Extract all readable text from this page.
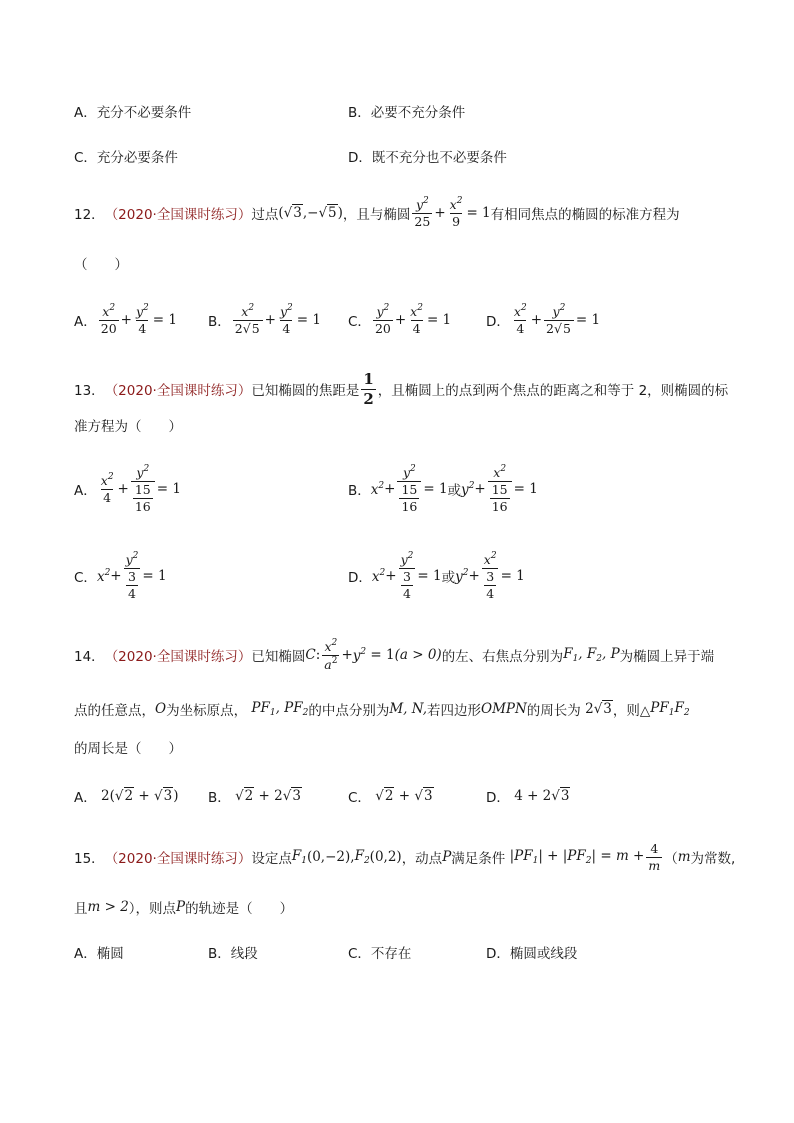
A．充分不必要条件	B．必要不充分条件
C．充分必要条件	D．既不充分也不必要条件
12． （2020·全国课时练习） 过点 (√3,−√5) ，且与椭圆 $\frac{y^2}{25} + \frac{x^2}{9} = 1$ 有相同焦点的椭圆的标准方程为
（　　）
A． $\frac{x^2}{20} + \frac{y^2}{4} = 1$ B． $\frac{x^2}{2√5} + \frac{y^2}{4} = 1$ C． $\frac{y^2}{20} + \frac{x^2}{4} = 1$	D． $\frac{x^2}{4} + \frac{y^2}{2√5} = 1$
13． （2020·全国课时练习） 已知椭圆的焦距是 $\frac{1}{2}$ ，且椭圆上的点到两个焦点的距离之和等于 2，则椭圆的标
准方程为（　　）
A． $\frac{x^2}{4} + \frac{y^2}{\frac{15}{16}} = 1$	B． $x^2 + \frac{y^2}{\frac{15}{16}} = 1$ 或 $y^2 + \frac{x^2}{\frac{15}{16}} = 1$
C． $x^2 + \frac{y^2}{\frac{3}{4}} = 1$	D． $x^2 + \frac{y^2}{\frac{3}{4}} = 1$ 或 $y^2 + \frac{x^2}{\frac{3}{4}} = 1$
14． （2020·全国课时练习） 已知椭圆 C : $\frac{x^2}{a^2} + y^2 = 1$ (a > 0) 的左、右焦点分别为 $F_1$, $F_2$, P 为椭圆上异于端
点的任意点， O 为坐标原点， $PF_1$, $PF_2$ 的中点分别为 M, N, 若四边形 OMPN 的周长为 2√3 ，则△ $PF_1F_2$
的周长是（　　）
A． 2(√2 + √3) B． √2 + 2√3	C． √2 + √3	D． 4 + 2√3
15． （2020·全国课时练习） 设定点 $F_1$ (0,−2), $F_2$ (0,2) ，动点 P 满足条件 $|PF_1| + |PF_2| = m + \frac{4}{m}$ （ m 为常数,
且 m > 2 ），则点 P 的轨迹是（　　）
A．椭圆	B．线段	C．不存在	D．椭圆或线段
